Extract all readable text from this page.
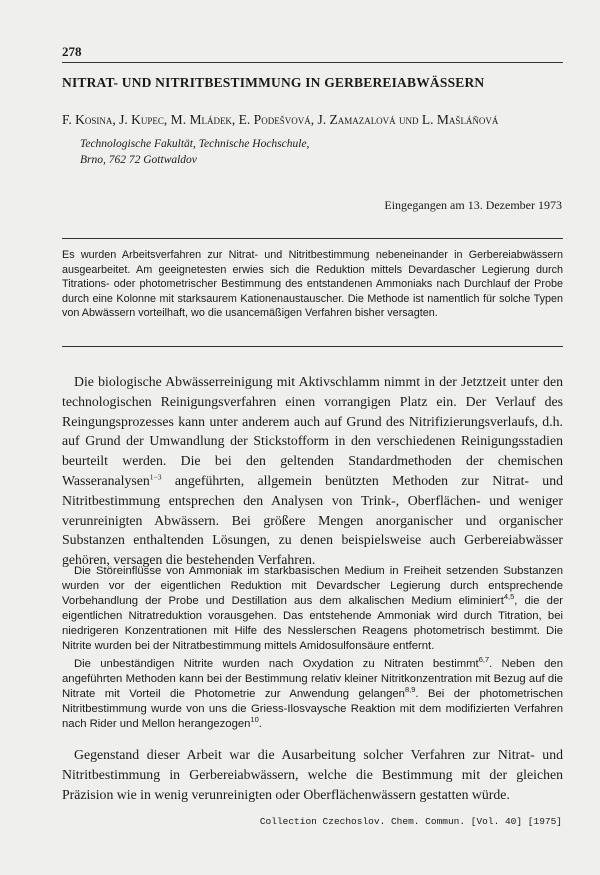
278
NITRAT- UND NITRITBESTIMMUNG IN GERBEREIABWÄSSERN
F. Kosina, J. Kupec, M. Mládek, E. Podešvová, J. Zamazalová und L. Mašláňová
Technologische Fakultät, Technische Hochschule,
Brno, 762 72 Gottwaldov
Eingegangen am 13. Dezember 1973
Es wurden Arbeitsverfahren zur Nitrat- und Nitritbestimmung nebeneinander in Gerbereiabwässern ausgearbeitet. Am geeignetesten erwies sich die Reduktion mittels Devardascher Legierung durch Titrations- oder photometrischer Bestimmung des entstandenen Ammoniaks nach Durchlauf der Probe durch eine Kolonne mit starksaurem Kationenaustauscher. Die Methode ist namentlich für solche Typen von Abwässern vorteilhaft, wo die usancemäßigen Verfahren bisher versagten.

Die biologische Abwässerreinigung mit Aktivschlamm nimmt in der Jetztzeit unter den technologischen Reinigungsverfahren einen vorrangigen Platz ein. Der Verlauf des Reingungsprozesses kann unter anderem auch auf Grund des Nitrifizierungsverlaufs, d.h. auf Grund der Umwandlung der Stickstofform in den verschiedenen Reinigungsstadien beurteilt werden. Die bei den geltenden Standardmethoden der chemischen Wasseranalysen$^{1-3}$ angeführten, allgemein benützten Methoden zur Nitrat- und Nitritbestimmung entsprechen den Analysen von Trink-, Oberflächen- und weniger verunreinigten Abwässern. Bei größere Mengen anorganischer und organischer Substanzen enthaltenden Lösungen, zu denen beispielsweise auch Gerbereiabwässer gehören, versagen die bestehenden Verfahren.

Die Störeinflüsse von Ammoniak im starkbasischen Medium in Freiheit setzenden Substanzen wurden vor der eigentlichen Reduktion mit Devardscher Legierung durch entsprechende Vorbehandlung der Probe und Destillation aus dem alkalischen Medium eliminiert$^{4,5}$, die der eigentlichen Nitratreduktion vorausgehen. Das entstehende Ammoniak wird durch Titration, bei niedrigeren Konzentrationen mit Hilfe des Nesslerschen Reagens photometrisch bestimmt. Die Nitrite wurden bei der Nitratbestimmung mittels Amidosulfonsäure entfernt.

Die unbeständigen Nitrite wurden nach Oxydation zu Nitraten bestimmt$^{6,7}$. Neben den angeführten Methoden kann bei der Bestimmung relativ kleiner Nitritkonzentration mit Bezug auf die Nitrate mit Vorteil die Photometrie zur Anwendung gelangen$^{8,9}$. Bei der photometrischen Nitritbestimmung wurde von uns die Griess-Ilosvaysche Reaktion mit dem modifizierten Verfahren nach Rider und Mellon herangezogen$^{10}$.

Gegenstand dieser Arbeit war die Ausarbeitung solcher Verfahren zur Nitrat- und Nitritbestimmung in Gerbereiabwässern, welche die Bestimmung mit der gleichen Präzision wie in wenig verunreinigten oder Oberflächenwässern gestatten würde.

Collection Czechoslov. Chem. Commun. [Vol. 40] [1975]
